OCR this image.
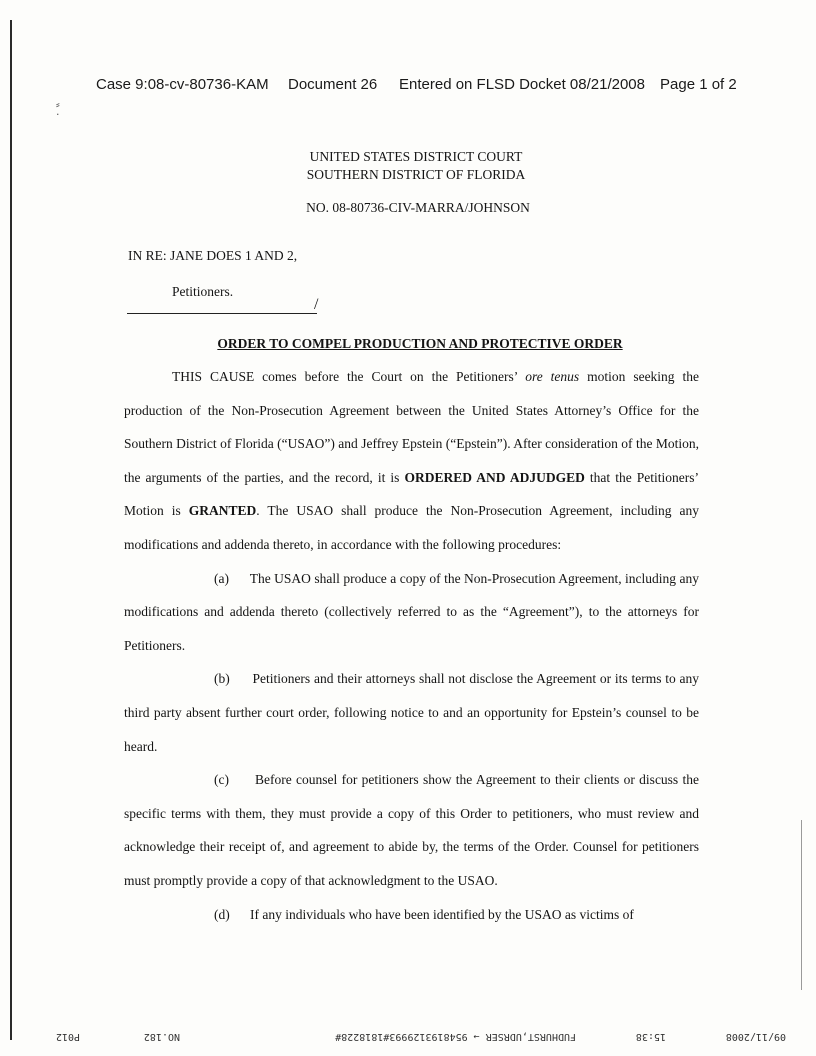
⸗
·
Case 9:08-cv-80736-KAM Document 26 Entered on FLSD Docket 08/21/2008 Page 1 of 2
UNITED STATES DISTRICT COURT
SOUTHERN DISTRICT OF FLORIDA
NO. 08-80736-CIV-MARRA/JOHNSON
IN RE: JANE DOES 1 AND 2,
Petitioners.
/
ORDER TO COMPEL PRODUCTION AND PROTECTIVE ORDER

THIS CAUSE comes before the Court on the Petitioners’ ore tenus motion seeking the production of the Non-Prosecution Agreement between the United States Attorney’s Office for the Southern District of Florida (“USAO”) and Jeffrey Epstein (“Epstein”). After consideration of the Motion, the arguments of the parties, and the record, it is ORDERED AND ADJUDGED that the Petitioners’ Motion is GRANTED. The USAO shall produce the Non-Prosecution Agreement, including any modifications and addenda thereto, in accordance with the following procedures:

(a) The USAO shall produce a copy of the Non-Prosecution Agreement, including any modifications and addenda thereto (collectively referred to as the “Agreement”), to the attorneys for Petitioners.

(b) Petitioners and their attorneys shall not disclose the Agreement or its terms to any third party absent further court order, following notice to and an opportunity for Epstein’s counsel to be heard.

(c) Before counsel for petitioners show the Agreement to their clients or discuss the specific terms with them, they must provide a copy of this Order to petitioners, who must review and acknowledge their receipt of, and agreement to abide by, the terms of the Order. Counsel for petitioners must promptly provide a copy of that acknowledgment to the USAO.

(d) If any individuals who have been identified by the USAO as victims of

09/11/2008
15:38
FUDHURST,UDRSER → 9548193129993#1818228#
NO.182
P012
